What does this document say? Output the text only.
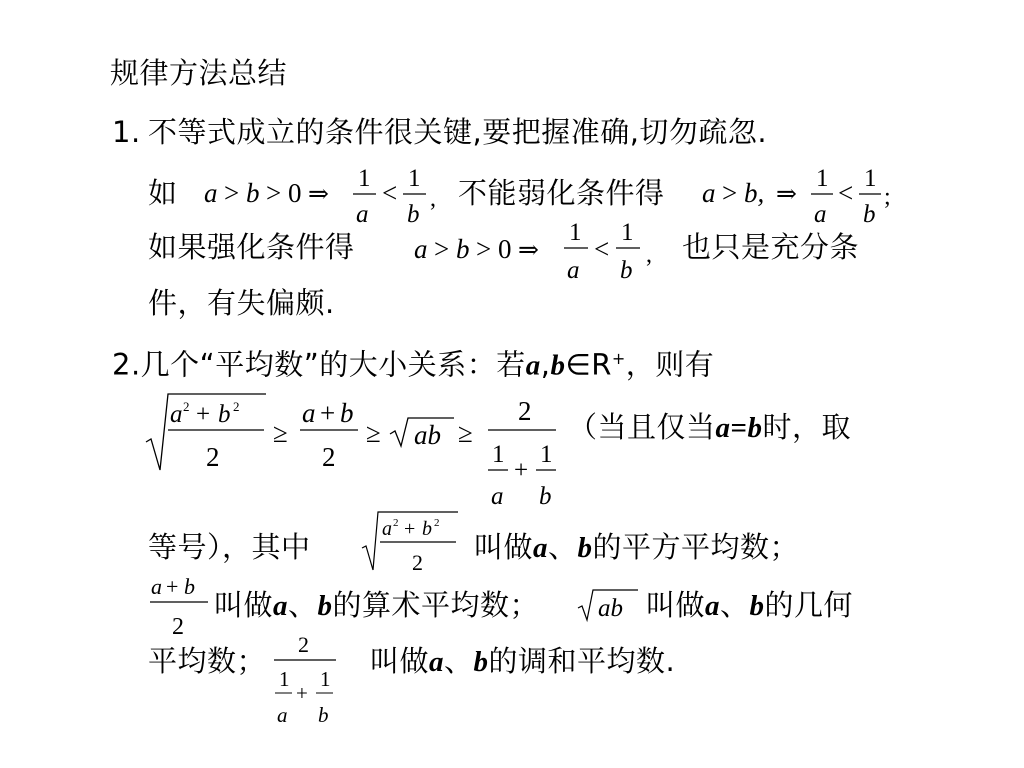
规律方法总结
1. 不等式成立的条件很关键,要把握准确,切勿疏忽.
如 a > b > 0 ⇒
1
a
< 1
b
, 不能弱化条件得 a > b, ⇒
1
a
< 1
b
;
如果强化条件得 a > b > 0 ⇒
1
a
<
1
b
, 也只是充分条
件，有失偏颇.
2.几个“平均数”的大小关系：若a,b∈R+，则有
a 2 + b 2
2
≥
a + b
2
≥ ab ≥
2
1
a
+
1
b
（当且仅当a=b时，取
等号），其中
a 2 + b 2
2 叫做a、b的平方平均数；
a + b
2
叫做a、b的算术平均数； ab 叫做a、b的几何
平均数； 2
1
a
+
1
b
叫做a、b的调和平均数.
